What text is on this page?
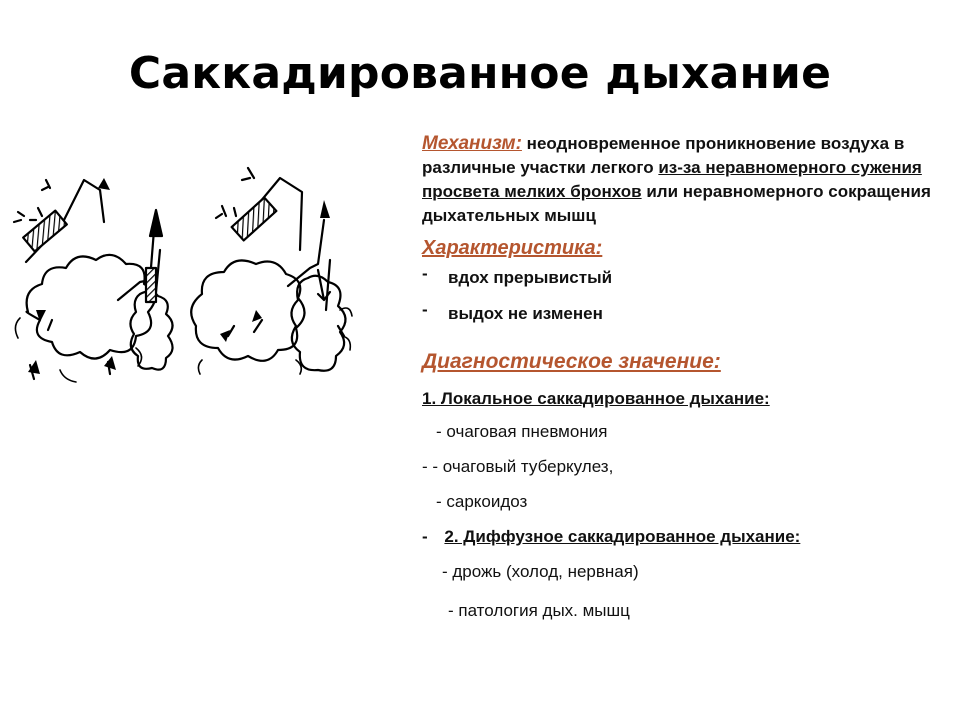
Саккадированное дыхание
Механизм: неодновременное проникновение воздуха в различные участки легкого из-за неравномерного сужения просвета мелких бронхов или неравномерного сокращения дыхательных мышц
Характеристика:
- вдох прерывистый
- выдох не изменен
Диагностическое значение:
1. Локальное саккадированное дыхание:
- очаговая пневмония
- - очаговый туберкулез,
- саркоидоз
- 2. Диффузное саккадированное дыхание:
- дрожь (холод, нервная)
- патология дых. мышц
